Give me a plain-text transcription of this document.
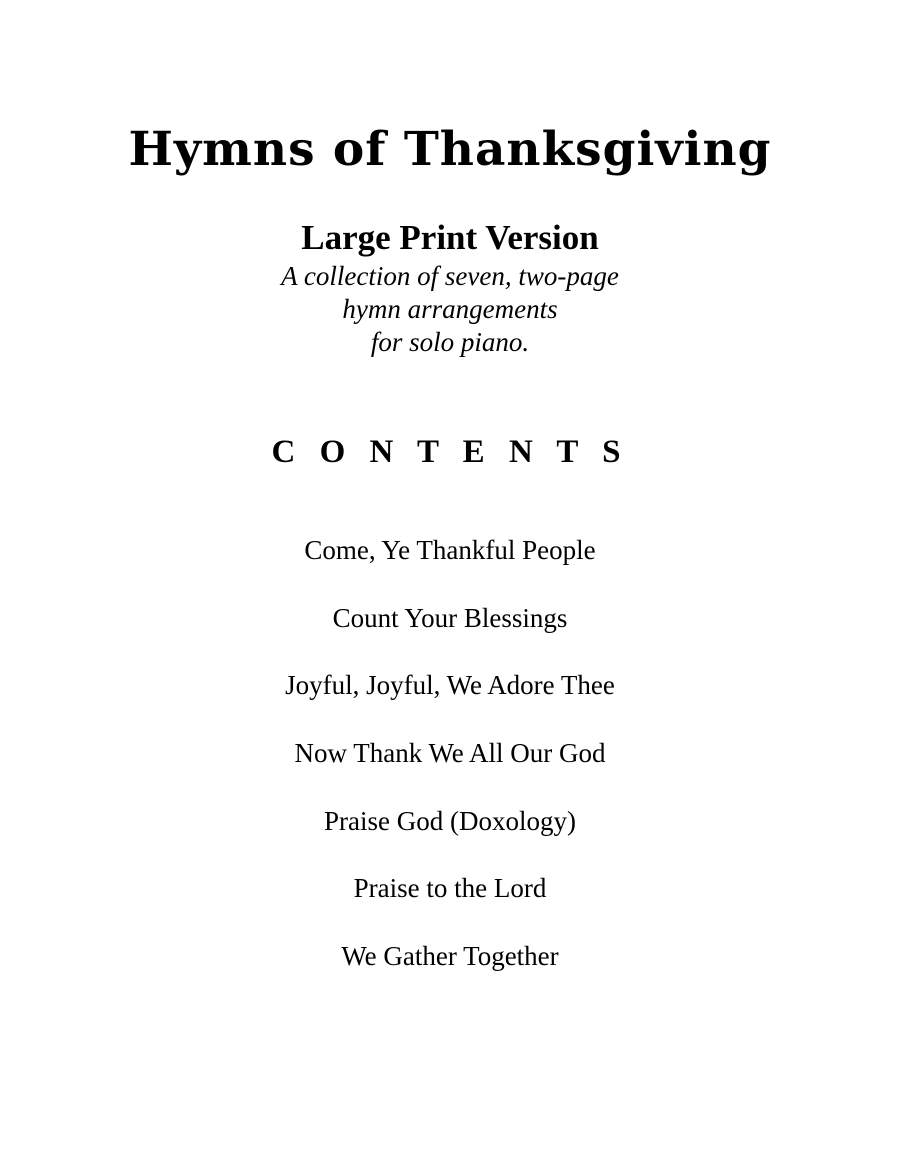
Hymns of Thanksgiving
Large Print Version
A collection of seven, two-page
hymn arrangements
for solo piano.
C O N T E N T S
Come, Ye Thankful People
Count Your Blessings
Joyful, Joyful, We Adore Thee
Now Thank We All Our God
Praise God (Doxology)
Praise to the Lord
We Gather Together
